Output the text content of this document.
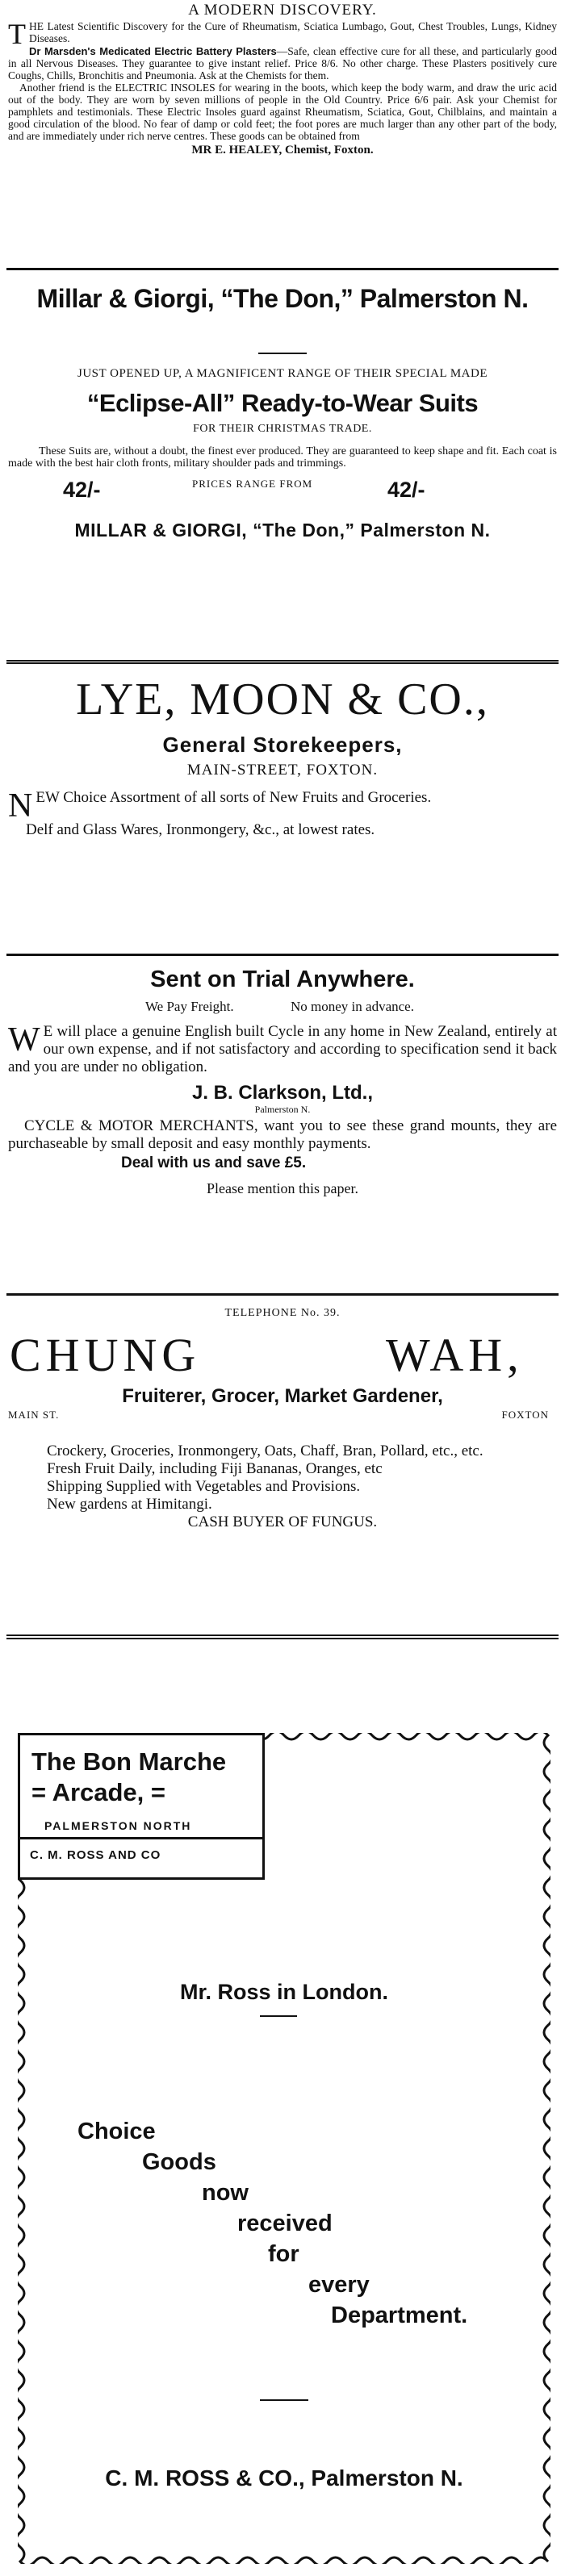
A MODERN DISCOVERY.

THE Latest Scientific Discovery for the Cure of Rheumatism, Sciatica Lumbago, Gout, Chest Troubles, Lungs, Kidney Diseases.

Dr Marsden's Medicated Electric Battery Plasters—Safe, clean effective cure for all these, and particularly good in all Nervous Diseases. They guarantee to give instant relief. Price 8/6. No other charge. These Plasters positively cure Coughs, Chills, Bronchitis and Pneumonia. Ask at the Chemists for them.

Another friend is the ELECTRIC INSOLES for wearing in the boots, which keep the body warm, and draw the uric acid out of the body. They are worn by seven millions of people in the Old Country. Price 6/6 pair. Ask your Chemist for pamphlets and testimonials. These Electric Insoles guard against Rheumatism, Sciatica, Gout, Chilblains, and maintain a good circulation of the blood. No fear of damp or cold feet; the foot pores are much larger than any other part of the body, and are immediately under rich nerve centres. These goods can be obtained from

MR E. HEALEY, Chemist, Foxton.
Millar & Giorgi, “The Don,” Palmerston N.
JUST OPENED UP, A MAGNIFICENT RANGE OF THEIR SPECIAL MADE
“Eclipse-All” Ready-to-Wear Suits
FOR THEIR CHRISTMAS TRADE.

These Suits are, without a doubt, the finest ever produced. They are guaranteed to keep shape and fit. Each coat is made with the best hair cloth fronts, military shoulder pads and trimmings.

42/-	PRICES RANGE FROM	42/-
MILLAR & GIORGI, “The Don,” Palmerston N.
LYE, MOON & CO.,
General Storekeepers,
MAIN-STREET, FOXTON.

NEW Choice Assortment of all sorts of New Fruits and Groceries.

Delf and Glass Wares, Ironmongery, &c., at lowest rates.

Sent on Trial Anywhere.
We Pay Freight.	No money in advance.

W E will place a genuine English built Cycle in any home in New Zealand, entirely at our own expense, and if not satisfactory and according to specification send it back and you are under no obligation.

J. B. Clarkson, Ltd.,
Palmerston N.

CYCLE & MOTOR MERCHANTS, want you to see these grand mounts, they are purchaseable by small deposit and easy monthly payments.

Deal with us and save £5.
Please mention this paper.
TELEPHONE No. 39.
CHUNG	WAH,
Fruiterer, Grocer, Market Gardener,
MAIN ST.	FOXTON

Crockery, Groceries, Ironmongery, Oats, Chaff, Bran, Pollard, etc., etc.

Fresh Fruit Daily, including Fiji Bananas, Oranges, etc

Shipping Supplied with Vegetables and Provisions.

New gardens at Himitangi.

CASH BUYER OF FUNGUS.
The Bon Marche
= Arcade, =
PALMERSTON NORTH
C. M. ROSS AND CO
Mr. Ross in London.
Choice
Goods
now
received
for
every
Department.
C. M. ROSS & CO., Palmerston N.
